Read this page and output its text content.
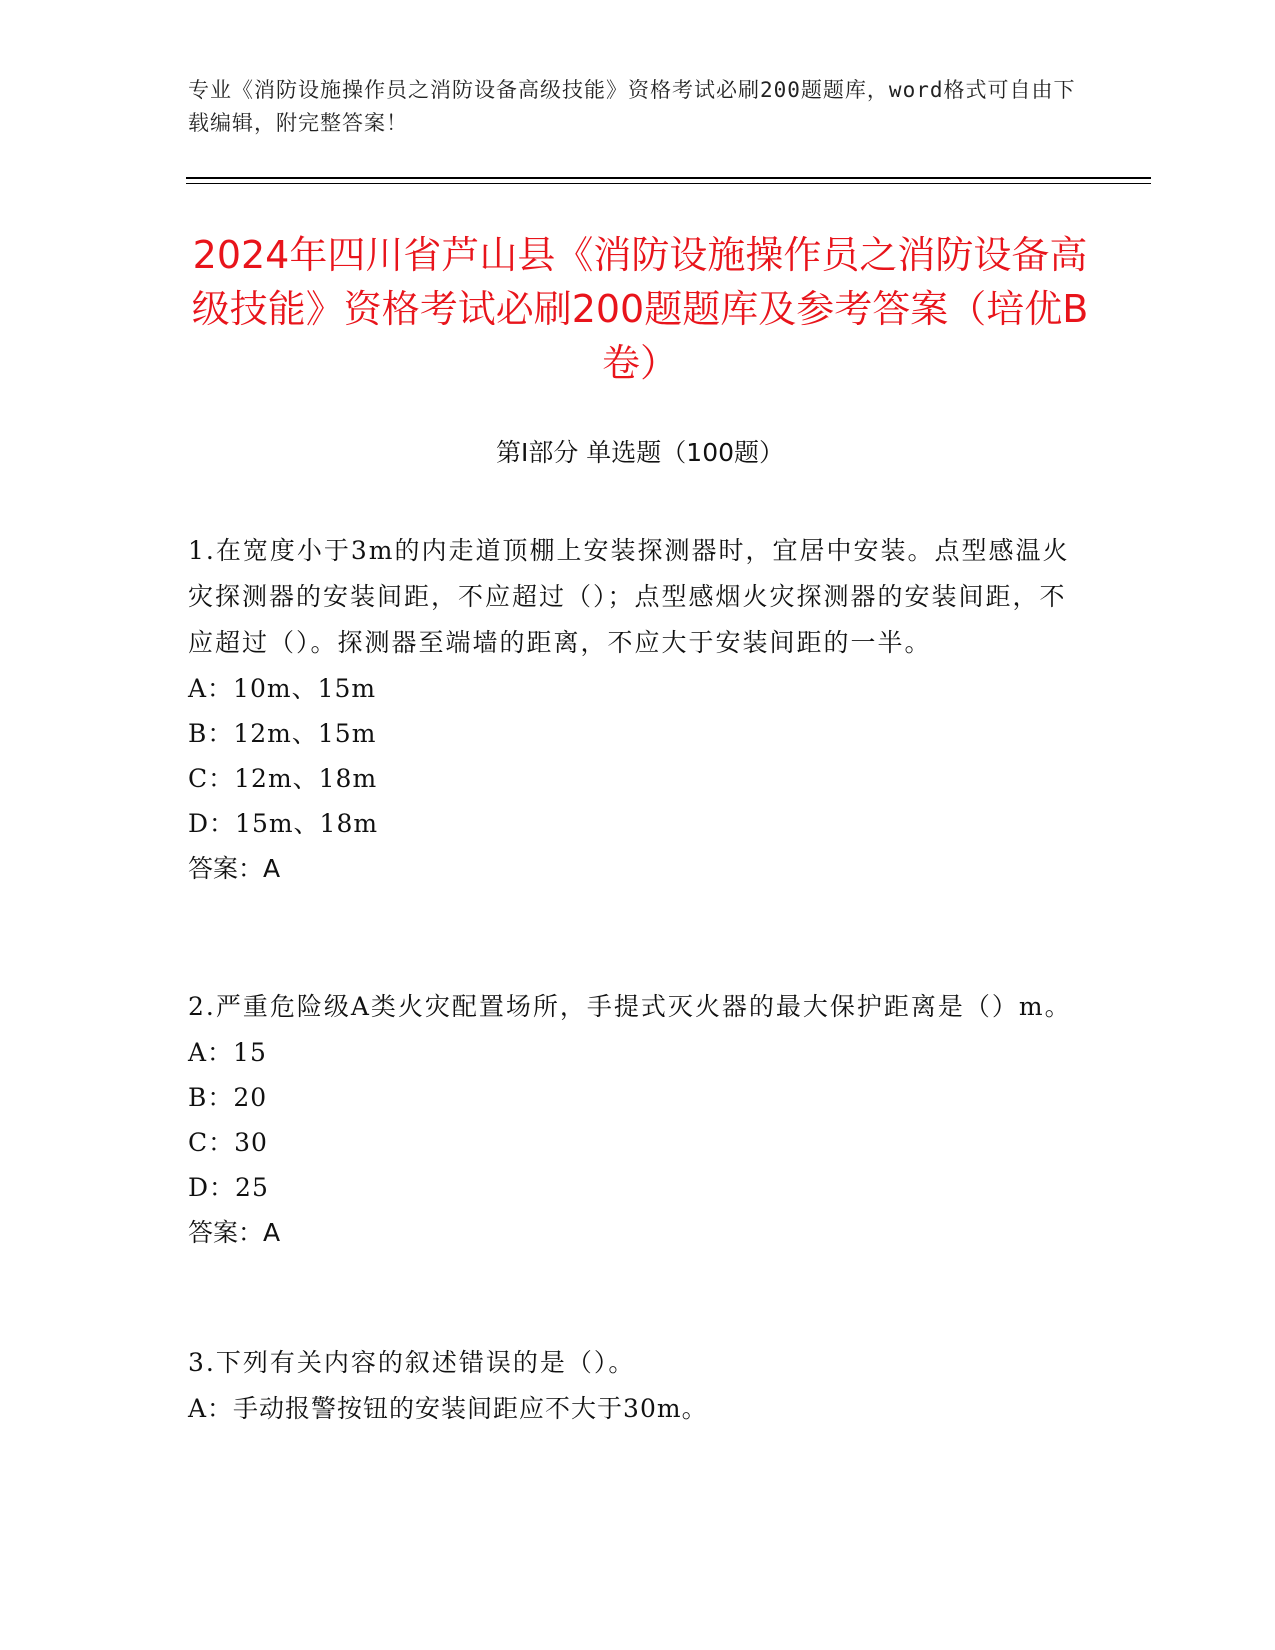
专业《消防设施操作员之消防设备高级技能》资格考试必刷200题题库，word格式可自由下载编辑，附完整答案！
2024年四川省芦山县《消防设施操作员之消防设备高级技能》资格考试必刷200题题库及参考答案（培优B卷）
第Ⅰ部分 单选题（100题）

1.在宽度小于3m的内走道顶棚上安装探测器时，宜居中安装。点型感温火灾探测器的安装间距，不应超过（）；点型感烟火灾探测器的安装间距，不应超过（）。探测器至端墙的距离，不应大于安装间距的一半。

A：10m、15m

B：12m、15m

C：12m、18m

D：15m、18m

答案：A

2.严重危险级A类火灾配置场所，手提式灭火器的最大保护距离是（）m。

A：15

B：20

C：30

D：25

答案：A

3.下列有关内容的叙述错误的是（）。

A：手动报警按钮的安装间距应不大于30m。
